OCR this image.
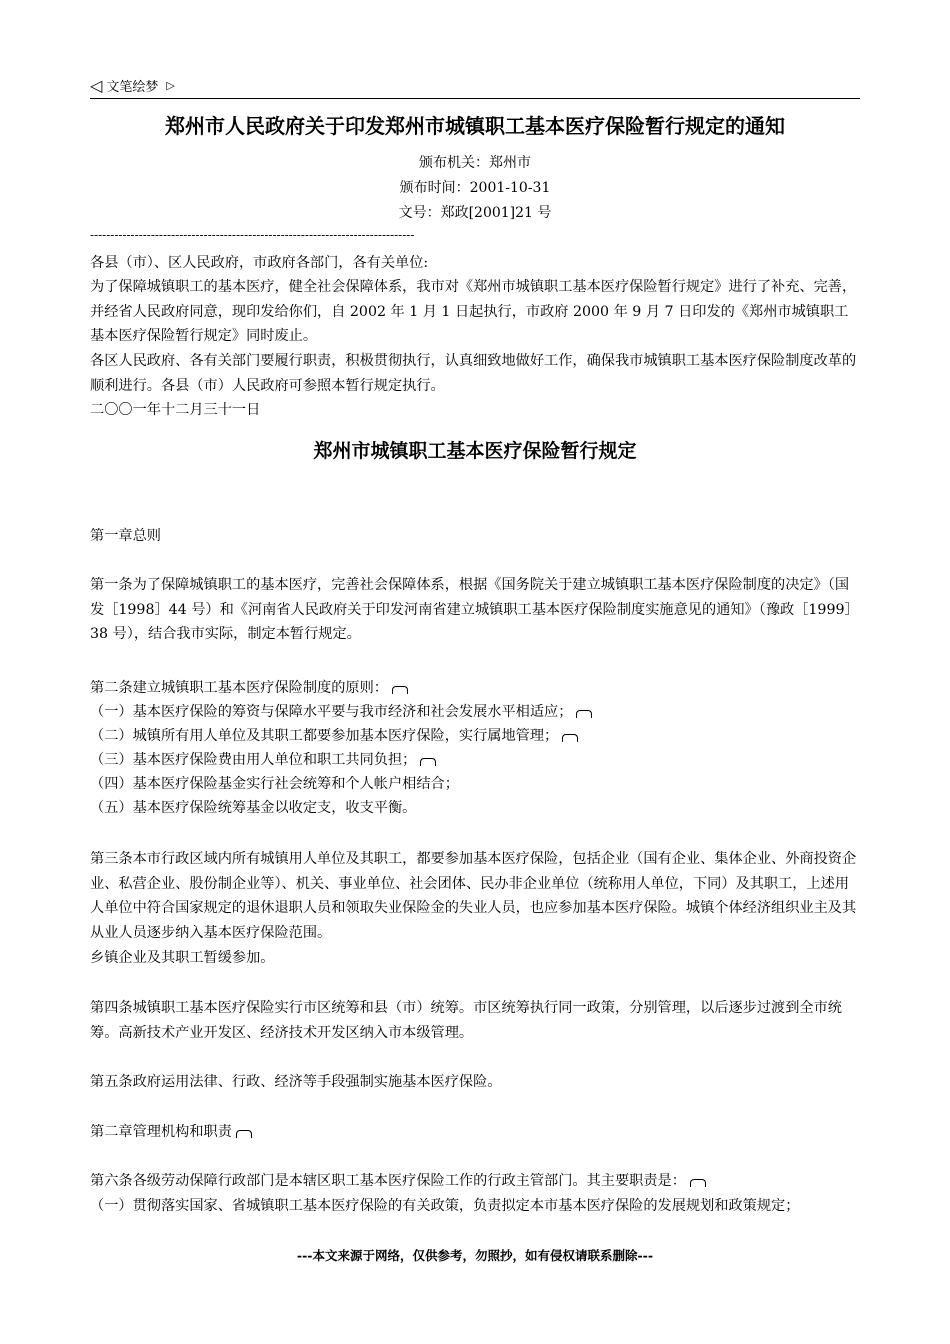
◁ 文笔绘梦 ▷
郑州市人民政府关于印发郑州市城镇职工基本医疗保险暂行规定的通知
颁布机关：郑州市
颁布时间：2001-10-31
文号：郑政[2001]21 号
--------------------------------------------------------------------------------
各县（市）、区人民政府，市政府各部门，各有关单位:
为了保障城镇职工的基本医疗，健全社会保障体系，我市对《郑州市城镇职工基本医疗保险暂行规定》进行了补充、完善，并经省人民政府同意，现印发给你们，自 2002 年 1 月 1 日起执行，市政府 2000 年 9 月 7 日印发的《郑州市城镇职工基本医疗保险暂行规定》同时废止。
各区人民政府、各有关部门要履行职责，积极贯彻执行，认真细致地做好工作，确保我市城镇职工基本医疗保险制度改革的顺利进行。各县（市）人民政府可参照本暂行规定执行。
二〇〇一年十二月三十一日
郑州市城镇职工基本医疗保险暂行规定
第一章总则
第一条为了保障城镇职工的基本医疗，完善社会保障体系，根据《国务院关于建立城镇职工基本医疗保险制度的决定》（国发［1998］44 号）和《河南省人民政府关于印发河南省建立城镇职工基本医疗保险制度实施意见的通知》（豫政［1999］38 号），结合我市实际，制定本暂行规定。
第二条建立城镇职工基本医疗保险制度的原则：
（一）基本医疗保险的筹资与保障水平要与我市经济和社会发展水平相适应；
（二）城镇所有用人单位及其职工都要参加基本医疗保险，实行属地管理；
（三）基本医疗保险费由用人单位和职工共同负担；
（四）基本医疗保险基金实行社会统筹和个人帐户相结合；
（五）基本医疗保险统筹基金以收定支，收支平衡。
第三条本市行政区域内所有城镇用人单位及其职工，都要参加基本医疗保险，包括企业（国有企业、集体企业、外商投资企业、私营企业、股份制企业等）、机关、事业单位、社会团体、民办非企业单位（统称用人单位，下同）及其职工，上述用人单位中符合国家规定的退休退职人员和领取失业保险金的失业人员，也应参加基本医疗保险。城镇个体经济组织业主及其从业人员逐步纳入基本医疗保险范围。
乡镇企业及其职工暂缓参加。
第四条城镇职工基本医疗保险实行市区统筹和县（市）统筹。市区统筹执行同一政策，分别管理，以后逐步过渡到全市统筹。高新技术产业开发区、经济技术开发区纳入市本级管理。
第五条政府运用法律、行政、经济等手段强制实施基本医疗保险。
第二章管理机构和职责
第六条各级劳动保障行政部门是本辖区职工基本医疗保险工作的行政主管部门。其主要职责是：
（一）贯彻落实国家、省城镇职工基本医疗保险的有关政策，负责拟定本市基本医疗保险的发展规划和政策规定；
---本文来源于网络，仅供参考，勿照抄，如有侵权请联系删除---
